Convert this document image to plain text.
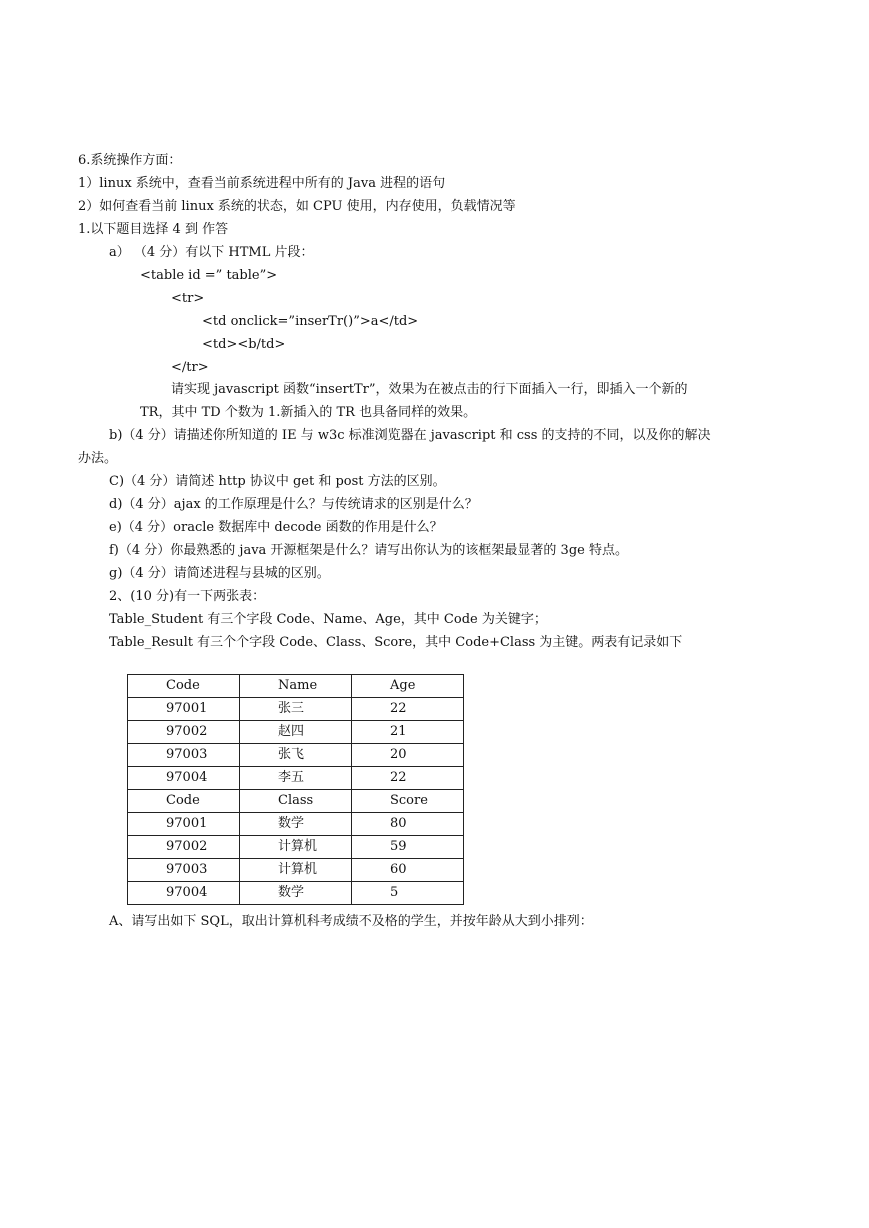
6.系统操作方面：
1）linux 系统中，查看当前系统进程中所有的 Java 进程的语句
2）如何查看当前 linux 系统的状态，如 CPU 使用，内存使用，负载情况等
1.以下题目选择 4 到 作答
a） （4 分）有以下 HTML 片段：
<table id =” table”>
<tr>
<td onclick=”inserTr()”>a</td>
<td><b/td>
</tr>
请实现 javascript 函数“insertTr”，效果为在被点击的行下面插入一行，即插入一个新的
TR，其中 TD 个数为 1.新插入的 TR 也具备同样的效果。
b)（4 分）请描述你所知道的 IE 与 w3c 标准浏览器在 javascript 和 css 的支持的不同，以及你的解决
办法。
C)（4 分）请简述 http 协议中 get 和 post 方法的区别。
d)（4 分）ajax 的工作原理是什么？与传统请求的区别是什么？
e)（4 分）oracle 数据库中 decode 函数的作用是什么？
f)（4 分）你最熟悉的 java 开源框架是什么？请写出你认为的该框架最显著的 3ge 特点。
g)（4 分）请简述进程与县城的区别。
2、(10 分)有一下两张表：
Table_Student 有三个字段 Code、Name、Age，其中 Code 为关键字；
Table_Result 有三个个字段 Code、Class、Score，其中 Code+Class 为主键。两表有记录如下
Code	Name	Age
97001	张三	22
97002	赵四	21
97003	张飞	20
97004	李五	22
Code	Class	Score
97001	数学	80
97002	计算机	59
97003	计算机	60
97004	数学	5
A、请写出如下 SQL，取出计算机科考成绩不及格的学生，并按年龄从大到小排列：
